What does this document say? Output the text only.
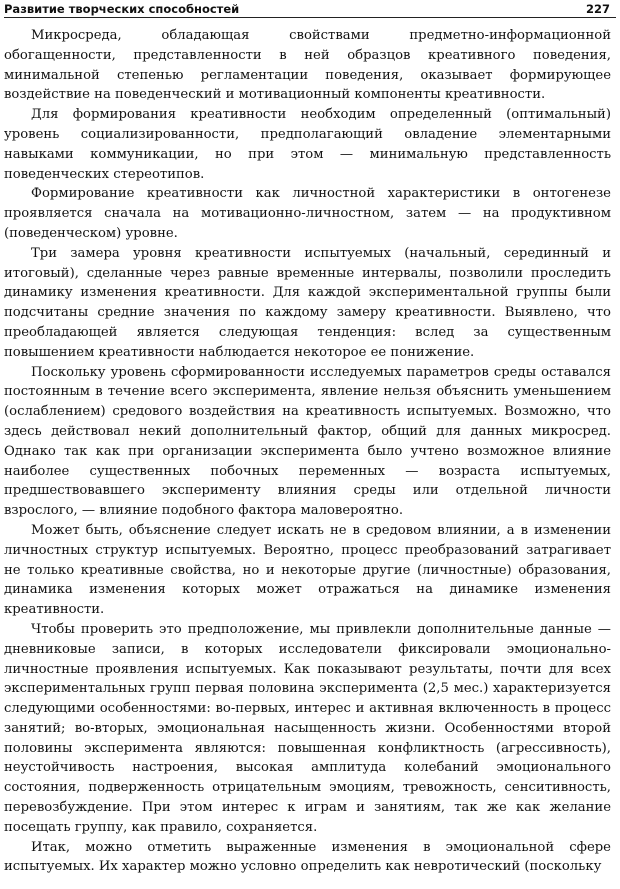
Развитие творческих способностей	227

Микросреда, обладающая свойствами предметно-информационной обогащенности, представленности в ней образцов креативного поведения, минимальной степенью регламентации поведения, оказывает формирующее воздействие на поведенческий и мотивационный компоненты креативности.

Для формирования креативности необходим определенный (оптимальный) уровень социализированности, предполагающий овладение элементарными навыками коммуникации, но при этом — минимальную представленность поведенческих стереотипов.

Формирование креативности как личностной характеристики в онтогенезе проявляется сначала на мотивационно-личностном, затем — на продуктивном (поведенческом) уровне.

Три замера уровня креативности испытуемых (начальный, серединный и итоговый), сделанные через равные временные интервалы, позволили проследить динамику изменения креативности. Для каждой экспериментальной группы были подсчитаны средние значения по каждому замеру креативности. Выявлено, что преобладающей является следующая тенденция: вслед за существенным повышением креативности наблюдается некоторое ее понижение.

Поскольку уровень сформированности исследуемых параметров среды оставался постоянным в течение всего эксперимента, явление нельзя объяснить уменьшением (ослаблением) средового воздействия на креативность испытуемых. Возможно, что здесь действовал некий дополнительный фактор, общий для данных микросред. Однако так как при организации эксперимента было учтено возможное влияние наиболее существенных побочных переменных — возраста испытуемых, предшествовавшего эксперименту влияния среды или отдельной личности взрослого, — влияние подобного фактора маловероятно.

Может быть, объяснение следует искать не в средовом влиянии, а в изменении личностных структур испытуемых. Вероятно, процесс преобразований затрагивает не только креативные свойства, но и некоторые другие (личностные) образования, динамика изменения которых может отражаться на динамике изменения креативности.

Чтобы проверить это предположение, мы привлекли дополнительные данные — дневниковые записи, в которых исследователи фиксировали эмоционально-личностные проявления испытуемых. Как показывают результаты, почти для всех экспериментальных групп первая половина эксперимента (2,5 мес.) характеризуется следующими особенностями: во-первых, интерес и активная включенность в процесс занятий; во-вторых, эмоциональная насыщенность жизни. Особенностями второй половины эксперимента являются: повышенная конфликтность (агрессивность), неустойчивость настроения, высокая амплитуда колебаний эмоционального состояния, подверженность отрицательным эмоциям, тревожность, сенситивность, перевозбуждение. При этом интерес к играм и занятиям, так же как желание посещать группу, как правило, сохраняется.

Итак, можно отметить выраженные изменения в эмоциональной сфере испытуемых. Их характер можно условно определить как невротический (поскольку
